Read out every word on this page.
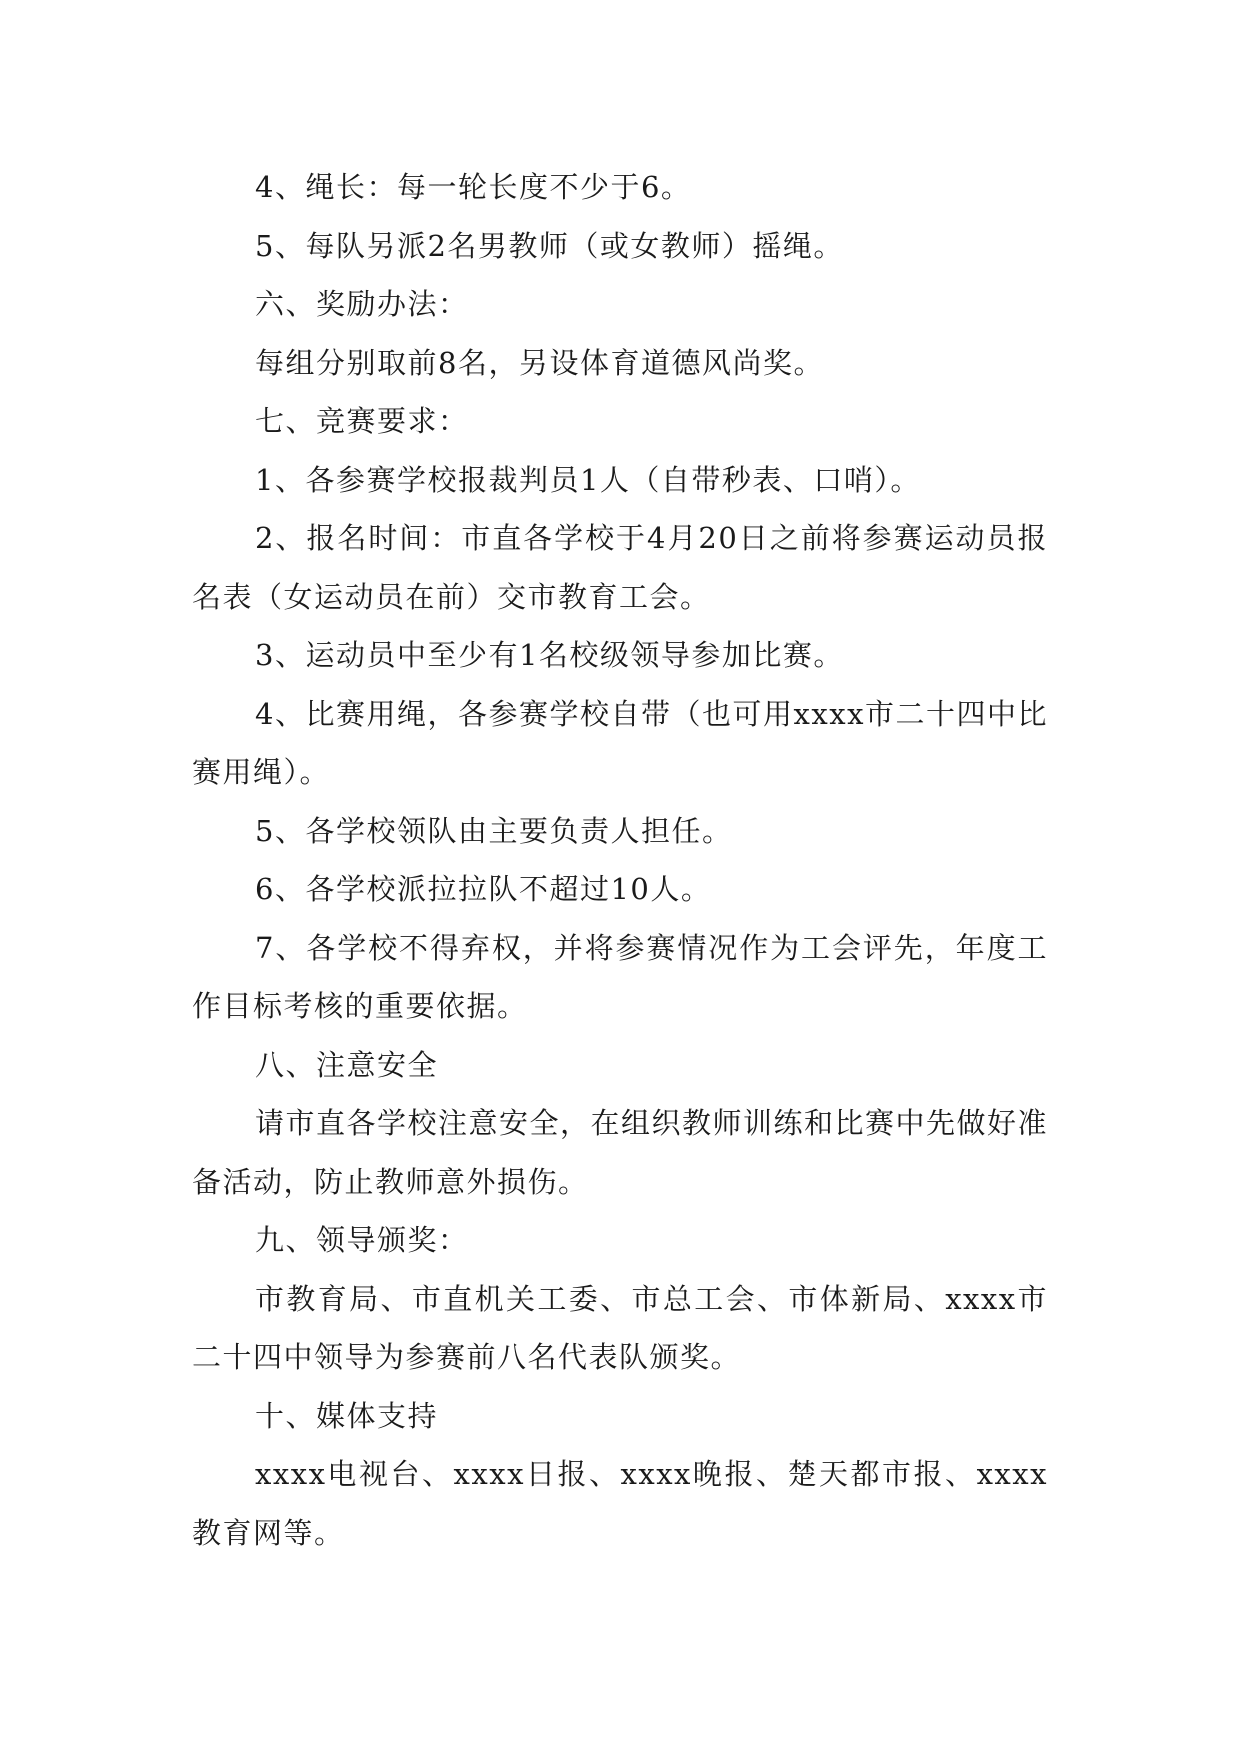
4、绳长：每一轮长度不少于6。

5、每队另派2名男教师（或女教师）摇绳。

六、奖励办法：

每组分别取前8名，另设体育道德风尚奖。

七、竞赛要求：

1、各参赛学校报裁判员1人（自带秒表、口哨）。

2、报名时间：市直各学校于4月20日之前将参赛运动员报名表（女运动员在前）交市教育工会。

3、运动员中至少有1名校级领导参加比赛。

4、比赛用绳，各参赛学校自带（也可用xxxx市二十四中比赛用绳）。

5、各学校领队由主要负责人担任。

6、各学校派拉拉队不超过10人。

7、各学校不得弃权，并将参赛情况作为工会评先，年度工作目标考核的重要依据。

八、注意安全

请市直各学校注意安全，在组织教师训练和比赛中先做好准备活动，防止教师意外损伤。

九、领导颁奖：

市教育局、市直机关工委、市总工会、市体新局、xxxx市二十四中领导为参赛前八名代表队颁奖。

十、媒体支持

xxxx电视台、xxxx日报、xxxx晚报、楚天都市报、xxxx教育网等。
